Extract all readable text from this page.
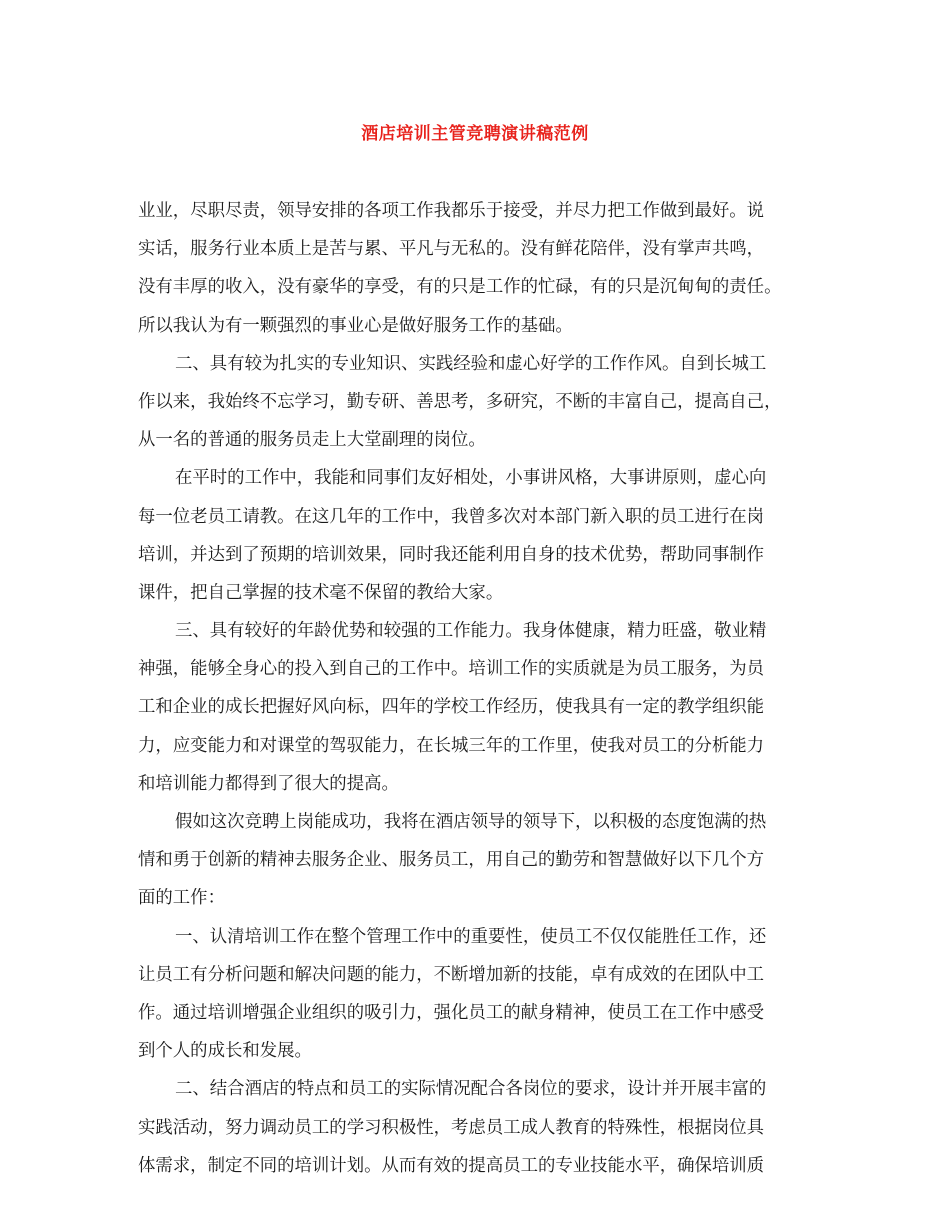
酒店培训主管竞聘演讲稿范例
业业，尽职尽责，领导安排的各项工作我都乐于接受，并尽力把工作做到最好。说
实话，服务行业本质上是苦与累、平凡与无私的。没有鲜花陪伴，没有掌声共鸣，
没有丰厚的收入，没有豪华的享受，有的只是工作的忙碌，有的只是沉甸甸的责任。
所以我认为有一颗强烈的事业心是做好服务工作的基础。
二、具有较为扎实的专业知识、实践经验和虚心好学的工作作风。自到长城工
作以来，我始终不忘学习，勤专研、善思考，多研究，不断的丰富自己，提高自己，
从一名的普通的服务员走上大堂副理的岗位。
在平时的工作中，我能和同事们友好相处，小事讲风格，大事讲原则，虚心向
每一位老员工请教。在这几年的工作中，我曾多次对本部门新入职的员工进行在岗
培训，并达到了预期的培训效果，同时我还能利用自身的技术优势，帮助同事制作
课件，把自己掌握的技术毫不保留的教给大家。
三、具有较好的年龄优势和较强的工作能力。我身体健康，精力旺盛，敬业精
神强，能够全身心的投入到自己的工作中。培训工作的实质就是为员工服务，为员
工和企业的成长把握好风向标，四年的学校工作经历，使我具有一定的教学组织能
力，应变能力和对课堂的驾驭能力，在长城三年的工作里，使我对员工的分析能力
和培训能力都得到了很大的提高。
假如这次竞聘上岗能成功，我将在酒店领导的领导下，以积极的态度饱满的热
情和勇于创新的精神去服务企业、服务员工，用自己的勤劳和智慧做好以下几个方
面的工作：
一、认清培训工作在整个管理工作中的重要性，使员工不仅仅能胜任工作，还
让员工有分析问题和解决问题的能力，不断增加新的技能，卓有成效的在团队中工
作。通过培训增强企业组织的吸引力，强化员工的献身精神，使员工在工作中感受
到个人的成长和发展。
二、结合酒店的特点和员工的实际情况配合各岗位的要求，设计并开展丰富的
实践活动，努力调动员工的学习积极性，考虑员工成人教育的特殊性，根据岗位具
体需求，制定不同的培训计划。从而有效的提高员工的专业技能水平，确保培训质
